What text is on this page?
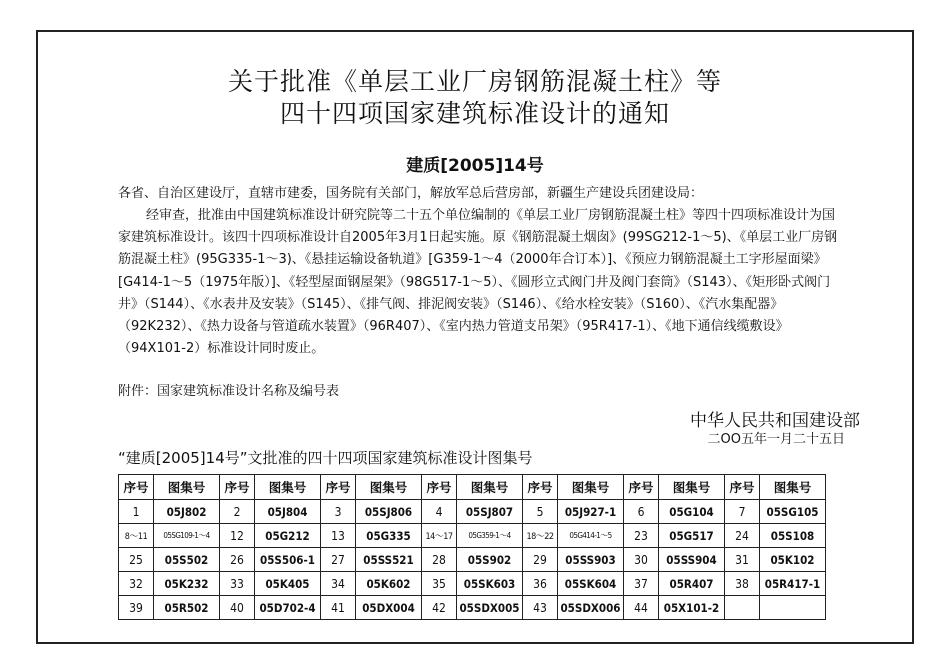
关于批准《单层工业厂房钢筋混凝土柱》等
四十四项国家建筑标准设计的通知
建质[2005]14号

各省、自治区建设厅，直辖市建委，国务院有关部门，解放军总后营房部，新疆生产建设兵团建设局：

经审查，批准由中国建筑标准设计研究院等二十五个单位编制的《单层工业厂房钢筋混凝土柱》等四十四项标准设计为国家建筑标准设计。该四十四项标准设计自2005年3月1日起实施。原《钢筋混凝土烟囱》(99SG212-1～5)、《单层工业厂房钢筋混凝土柱》(95G335-1～3)、《悬挂运输设备轨道》[G359-1～4（2000年合订本）]、《预应力钢筋混凝土工字形屋面梁》[G414-1～5（1975年版）]、《轻型屋面钢屋架》（98G517-1～5）、《圆形立式阀门井及阀门套筒》（S143）、《矩形卧式阀门井》（S144）、《水表井及安装》（S145）、《排气阀、排泥阀安装》（S146）、《给水栓安装》（S160）、《汽水集配器》（92K232）、《热力设备与管道疏水装置》（96R407）、《室内热力管道支吊架》（95R417-1）、《地下通信线缆敷设》（94X101-2）标准设计同时废止。

附件：国家建筑标准设计名称及编号表

中华人民共和国建设部
二OO五年一月二十五日
“建质[2005]14号”文批准的四十四项国家建筑标准设计图集号
序号	图集号	序号	图集号	序号	图集号	序号	图集号	序号	图集号	序号	图集号	序号	图集号
1	05J802	2	05J804	3	05SJ806	4	05SJ807	5	05J927-1	6	05G104	7	05SG105
8～11	05SG109-1～4	12	05G212	13	05G335	14～17	05G359-1～4	18～22	05G414-1～5	23	05G517	24	05S108
25	05S502	26	05S506-1	27	05SS521	28	05S902	29	05SS903	30	05SS904	31	05K102
32	05K232	33	05K405	34	05K602	35	05SK603	36	05SK604	37	05R407	38	05R417-1
39	05R502	40	05D702-4	41	05DX004	42	05SDX005	43	05SDX006	44	05X101-2		
